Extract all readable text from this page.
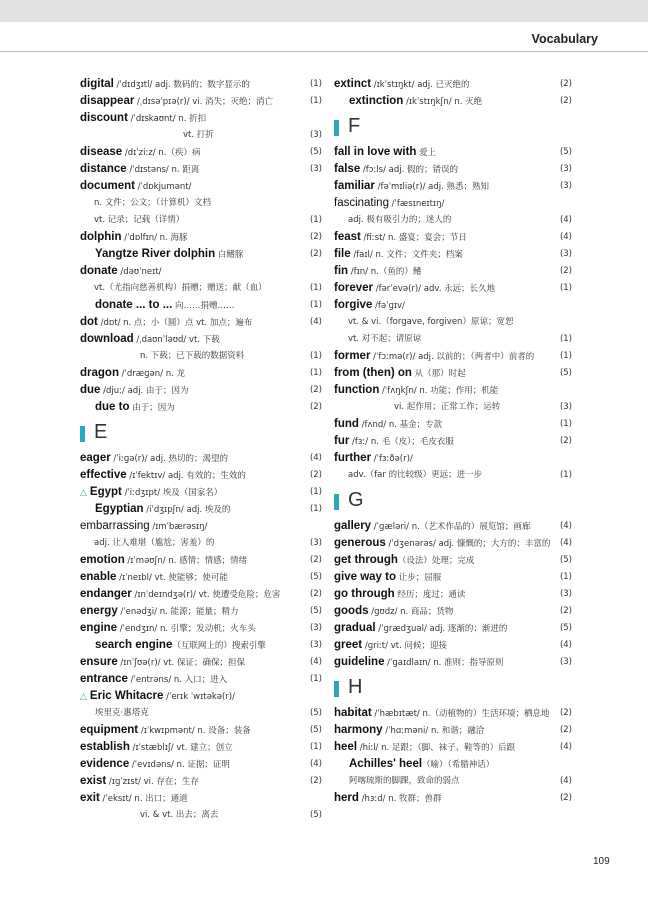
Vocabulary
digital /ˈdɪdʒɪtl/ adj. 数码的；数字显示的	(1)
disappear /ˌdɪsəˈpɪə(r)/ vi. 消失；灭绝；消亡	(1)
discount /ˈdɪskaʊnt/ n. 折扣
vt. 打折	(3)
disease /dɪˈziːz/ n.（疾）病	(5)
distance /ˈdɪstəns/ n. 距离	(3)
document /ˈdɒkjumənt/
n. 文件；公文；（计算机）文档
vt. 记录；记载（详情）	(1)
dolphin /ˈdɒlfɪn/ n. 海豚	(2)
Yangtze River dolphin 白鳍豚	(2)
donate /dəʊˈneɪt/
vt.（尤指向慈善机构）捐赠；赠送；献（血）	(1)
donate ... to ... 向……捐赠……	(1)
dot /dɒt/ n. 点；小（圆）点 vt. 加点；遍布	(4)
download /ˌdaʊnˈləʊd/ vt. 下载
n. 下载；已下载的数据资料	(1)
dragon /ˈdræɡən/ n. 龙	(1)
due /djuː/ adj. 由于；因为	(2)
due to 由于；因为	(2)
E
eager /ˈiːɡə(r)/ adj. 热切的；渴望的	(4)
effective /ɪˈfektɪv/ adj. 有效的；生效的	(2)
△ Egypt /ˈiːdʒɪpt/ 埃及（国家名）	(1)
Egyptian /iˈdʒɪpʃn/ adj. 埃及的	(1)
embarrassing /ɪmˈbærəsɪŋ/
adj. 让人难堪（尴尬；害羞）的	(3)
emotion /ɪˈməʊʃn/ n. 感情；情感；情绪	(2)
enable /ɪˈneɪbl/ vt. 使能够；使可能	(5)
endanger /ɪnˈdeɪndʒə(r)/ vt. 使遭受危险；危害	(2)
energy /ˈenədʒi/ n. 能源；能量；精力	(5)
engine /ˈendʒɪn/ n. 引擎；发动机；火车头	(3)
search engine（互联网上的）搜索引擎	(3)
ensure /ɪnˈʃʊə(r)/ vt. 保证；确保；担保	(4)
entrance /ˈentrəns/ n. 入口；进入	(1)
△ Eric Whitacre /ˈerɪk ˈwɪtəkə(r)/
埃里克·惠塔克	(5)
equipment /ɪˈkwɪpmənt/ n. 设备；装备	(5)
establish /ɪˈstæblɪʃ/ vt. 建立；创立	(1)
evidence /ˈevɪdəns/ n. 证据；证明	(4)
exist /ɪɡˈzɪst/ vi. 存在；生存	(2)
exit /ˈeksɪt/ n. 出口；通道
vi. & vt. 出去；离去	(5)
extinct /ɪkˈstɪŋkt/ adj. 已灭绝的	(2)
extinction /ɪkˈstɪŋkʃn/ n. 灭绝	(2)
F
fall in love with 爱上	(5)
false /fɔːls/ adj. 假的；错误的	(3)
familiar /fəˈmɪliə(r)/ adj. 熟悉；熟知	(3)
fascinating /ˈfæsɪneɪtɪŋ/
adj. 极有吸引力的；迷人的	(4)
feast /fiːst/ n. 盛宴；宴会；节日	(4)
file /faɪl/ n. 文件；文件夹；档案	(3)
fin /fɪn/ n.（鱼的）鳍	(2)
forever /fərˈevə(r)/ adv. 永远；长久地	(1)
forgive /fəˈɡɪv/
vt. & vi.（forgave, forgiven）原谅；宽恕
vt. 对不起；请原谅	(1)
former /ˈfɔːmə(r)/ adj. 以前的；（两者中）前者的	(1)
from (then) on 从（那）时起	(5)
function /ˈfʌŋkʃn/ n. 功能；作用；机能
vi. 起作用；正常工作；运转	(3)
fund /fʌnd/ n. 基金；专款	(1)
fur /fɜː/ n. 毛（皮）；毛皮衣服	(2)
further /ˈfɜːðə(r)/
adv.（far 的比较级）更远；进一步	(1)
G
gallery /ˈɡæləri/ n.（艺术作品的）展览馆；画廊	(4)
generous /ˈdʒenərəs/ adj. 慷慨的；大方的；丰富的 (4)
get through（设法）处理；完成	(5)
give way to 让步；屈服	(1)
go through 经历；度过；通读	(3)
goods /ɡʊdz/ n. 商品；货物	(2)
gradual /ˈɡrædʒuəl/ adj. 逐渐的；渐进的	(5)
greet /ɡriːt/ vt. 问候；迎接	(4)
guideline /ˈɡaɪdlaɪn/ n. 准则；指导原则	(3)
H
habitat /ˈhæbɪtæt/ n.（动植物的）生活环境；栖息地 (2)
harmony /ˈhɑːməni/ n. 和谐；融洽	(2)
heel /hiːl/ n. 足跟；（脚、袜子、鞋等的）后跟	(4)
Achilles' heel（喻）（希腊神话）
阿喀琉斯的脚踝，致命的弱点	(4)
herd /hɜːd/ n. 牧群；兽群	(2)
109
